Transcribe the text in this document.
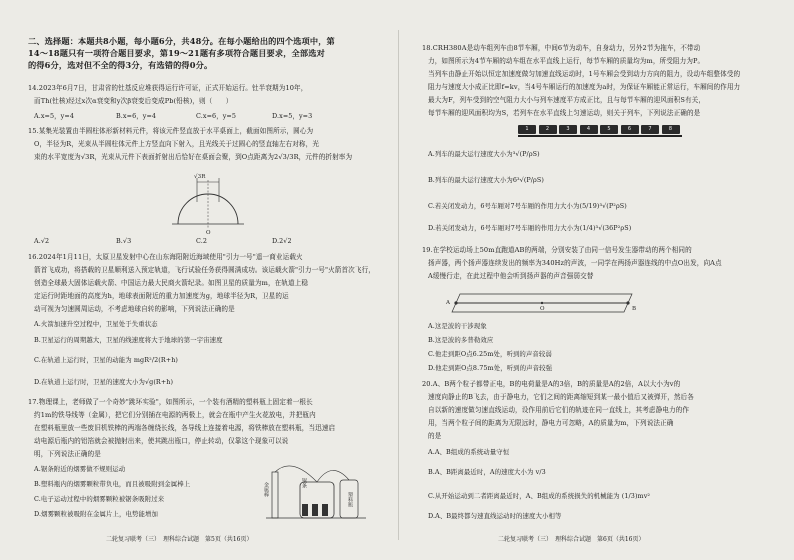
二、选择题：本题共8小题，每小题6分，共48分。在每小题给出的四个选项中，第
14～18题只有一项符合题目要求，第19～21题有多项符合题目要求，全部选对
的得6分，选对但不全的得3分，有选错的得0分。
14.2023年6月7日，甘肃省的钍基反应堆获得运行许可证，正式开始运行。钍半衰期为10年，
而Th(钍核)经过x次α衰变和y次β衰变后变成Pb(铅核)，则（　　）
A.x=5，y=4	B.x=6，y=4	C.x=6，y=5	D.x=5，y=3
15.某集光装置由半圆柱体形新材料元件，将该元件竖直放于水平桌面上，截面如图所示，圆心为
O，半径为R，光束从半圆柱体元件上方竖直向下射入，且光线关于过圆心的竖直轴左右对称，光
束的水平宽度为√3R，光束从元件下表面折射出后恰好在桌面会聚，到O点距离为2√3/3R，元件的折射率为
√3R
O
A.√2	B.√3	C.2	D.2√2
16.2024年1月11日，太原卫星发射中心在山东海阳附近海域使用"引力一号"遥一商业运载火
箭首飞成功，将搭载的卫星顺利送入预定轨道，飞行试验任务获得圆满成功。该运载火箭"引力一号"火箭首次飞行，
创造全球最大固体运载火箭、中国运力最大民商火箭纪录。如图卫星的质量为m，在轨道上稳
定运行时距地面的高度为h，地球表面附近的重力加速度为g，地球半径为R，卫星的运
动可视为匀速圆周运动，不考虑地球自转的影响，下列说法正确的是
A.火箭加速升空过程中，卫星处于失重状态
B.卫星运行的周期越大，卫星的线速度将大于地球的第一宇宙速度
C.在轨道上运行时，卫星的动能为 mgR²/2(R+h)
D.在轨道上运行时，卫星的速度大小为√g(R+h)
17.物理课上，老师做了一个奇妙"跳环实验"，如图所示，一个装有酒精的塑料瓶上固定着一根长
约1m的铁导线等（金属），把它们分别插在电源的两极上，就会在瓶中产生火花放电，并把瓶内
在塑料瓶里放一些废旧机铁棒的两端各缠绕长线，各导线上连接着电源，将铁棒放在塑料瓶，当迅速启
动电源后瓶内的铝箔就会被抛射出来，使其跳出瓶口，停止转动，仅靠这个现象可以说
明，下列说法正确的是
A.锯条附近的烟雾做不规则运动
B.塑料瓶内的烟雾颗粒带负电，而且被吸附到金属棒上
C.电子运动过程中的烟雾颗粒被锯条吸附过来
D.烟雾颗粒被吸附在金属片上，电势能增加
金属棒	锯条
塑料瓶
二轮复习联考（三）　理科综合试题　第5页（共16页）
18.CRH380A是动车组列车由8节车厢，中间6节为动车，自身动力，另外2节为拖车，不带动
力，如图所示为4节车厢的动车组在水平直线上运行，每节车厢的质量均为m，所受阻力为P。
当列车由静止开始以恒定加速度做匀加速直线运动时，1号车厢会受到动力方向的阻力，设动车组整体受的
阻力与速度大小成正比即f=kv，当4号车厢运行的加速度为a时，为保证车厢能正常运行，车厢间的作用力
最大为F，列车受到的空气阻力大小与列车速度平方成正比，且与每节车厢的迎风面积S有关，
每节车厢的迎风面积均为S，若列车在水平直线上匀速运动，则关于列车，下列说法正确的是
1	2	3	4	5	6	7	8
A.列车的最大运行速度大小为³√(P/ρS)
B.列车的最大运行速度大小为6³√(P/ρS)
C.若关闭发动力，6号车厢对7号车厢的作用力大小为(5/19)³√(P²ρS)
D.若关闭发动力，6号车厢对7号车厢的作用力大小为(1/4)³√(36P²ρS)
19.在学校运动场上50m直跑道AB的两端，分别安装了由同一信号发生器带动的两个相同的
扬声器，两个扬声器连续发出的频率为340Hz的声波，一同学在两扬声器连线的中点O出发，向A点
A缓慢行走，在此过程中他会听到扬声器的声音强弱交替
A
O	B
A.这是波的干涉现象
B.这是波的多普勒效应
C.他走到距O点6.25m处，听到的声音较弱
D.他走到距O点8.75m处，听到的声音较强
20.A、B两个粒子都带正电，B的电荷量是A的3倍，B的质量是A的2倍，A以大小为v的
速度向静止的B飞去，由于静电力，它们之间的距离缩短到某一最小值后又被弹开，然后各
自以新的速度做匀速直线运动，设作用前后它们的轨迹在同一直线上，其考虑静电力的作
用，当两个粒子间的距离为无限远时，静电力可忽略，A的质量为m，下列说法正确
的是
A.A、B组成的系统动量守恒
B.A、B距离最近时，A的速度大小为 v/3
C.从开始运动到二者距离最近时，A、B组成的系统损失的机械能为 (1/3)mv²
D.A、B最终都匀速直线运动时的速度大小相等
二轮复习联考（三）　理科综合试题　第6页（共16页）
